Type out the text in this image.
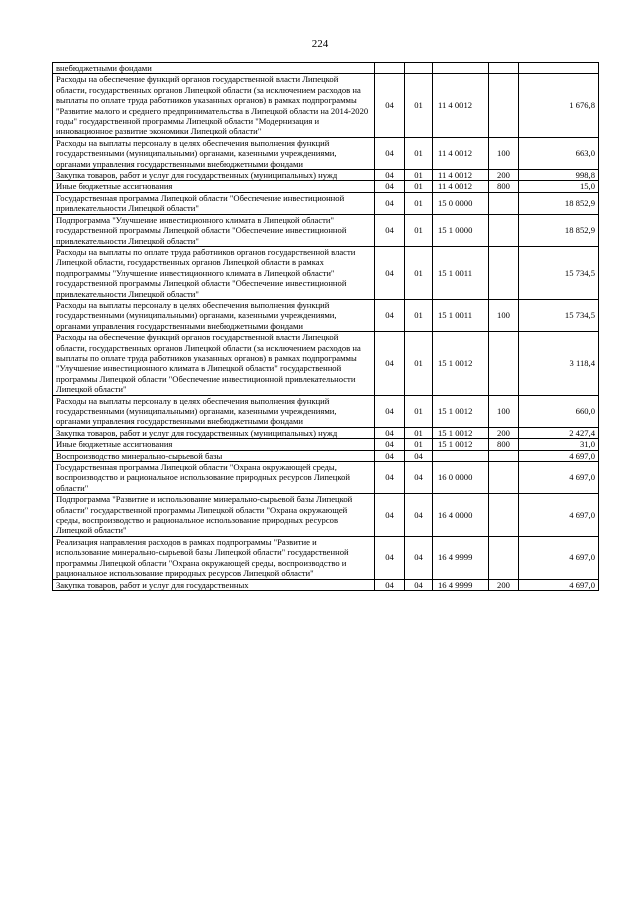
224
внебюджетными фондами					
Расходы на обеспечение функций органов государственной власти Липецкой области, государственных органов Липецкой области (за исключением расходов на выплаты по оплате труда работников указанных органов) в рамках подпрограммы "Развитие малого и среднего предпринимательства в Липецкой области на 2014-2020 годы" государственной программы Липецкой области "Модернизация и инновационное развитие экономики Липецкой области"	04	01	11 4 0012		1 676,8
Расходы на выплаты персоналу в целях обеспечения выполнения функций государственными (муниципальными) органами, казенными учреждениями, органами управления государственными внебюджетными фондами	04	01	11 4 0012	100	663,0
Закупка товаров, работ и услуг для государственных (муниципальных) нужд	04	01	11 4 0012	200	998,8
Иные бюджетные ассигнования	04	01	11 4 0012	800	15,0
Государственная программа Липецкой области "Обеспечение инвестиционной привлекательности Липецкой области"	04	01	15 0 0000		18 852,9
Подпрограмма "Улучшение инвестиционного климата в Липецкой области" государственной программы Липецкой области "Обеспечение инвестиционной привлекательности Липецкой области"	04	01	15 1 0000		18 852,9
Расходы на выплаты по оплате труда работников органов государственной власти Липецкой области, государственных органов Липецкой области в рамках подпрограммы "Улучшение инвестиционного климата в Липецкой области" государственной программы Липецкой области "Обеспечение инвестиционной привлекательности Липецкой области"	04	01	15 1 0011		15 734,5
Расходы на выплаты персоналу в целях обеспечения выполнения функций государственными (муниципальными) органами, казенными учреждениями, органами управления государственными внебюджетными фондами	04	01	15 1 0011	100	15 734,5
Расходы на обеспечение функций органов государственной власти Липецкой области, государственных органов Липецкой области (за исключением расходов на выплаты по оплате труда работников указанных органов) в рамках подпрограммы "Улучшение инвестиционного климата в Липецкой области" государственной программы Липецкой области "Обеспечение инвестиционной привлекательности Липецкой области"	04	01	15 1 0012		3 118,4
Расходы на выплаты персоналу в целях обеспечения выполнения функций государственными (муниципальными) органами, казенными учреждениями, органами управления государственными внебюджетными фондами	04	01	15 1 0012	100	660,0
Закупка товаров, работ и услуг для государственных (муниципальных) нужд	04	01	15 1 0012	200	2 427,4
Иные бюджетные ассигнования	04	01	15 1 0012	800	31,0
Воспроизводство минерально-сырьевой базы	04	04			4 697,0
Государственная программа Липецкой области "Охрана окружающей среды, воспроизводство и рациональное использование природных ресурсов Липецкой области"	04	04	16 0 0000		4 697,0
Подпрограмма "Развитие и использование минерально-сырьевой базы Липецкой области" государственной программы Липецкой области "Охрана окружающей среды, воспроизводство и рациональное использование природных ресурсов Липецкой области"	04	04	16 4 0000		4 697,0
Реализация направления расходов в рамках подпрограммы "Развитие и использование минерально-сырьевой базы Липецкой области" государственной программы Липецкой области "Охрана окружающей среды, воспроизводство и рациональное использование природных ресурсов Липецкой области"	04	04	16 4 9999		4 697,0
Закупка товаров, работ и услуг для государственных	04	04	16 4 9999	200	4 697,0
